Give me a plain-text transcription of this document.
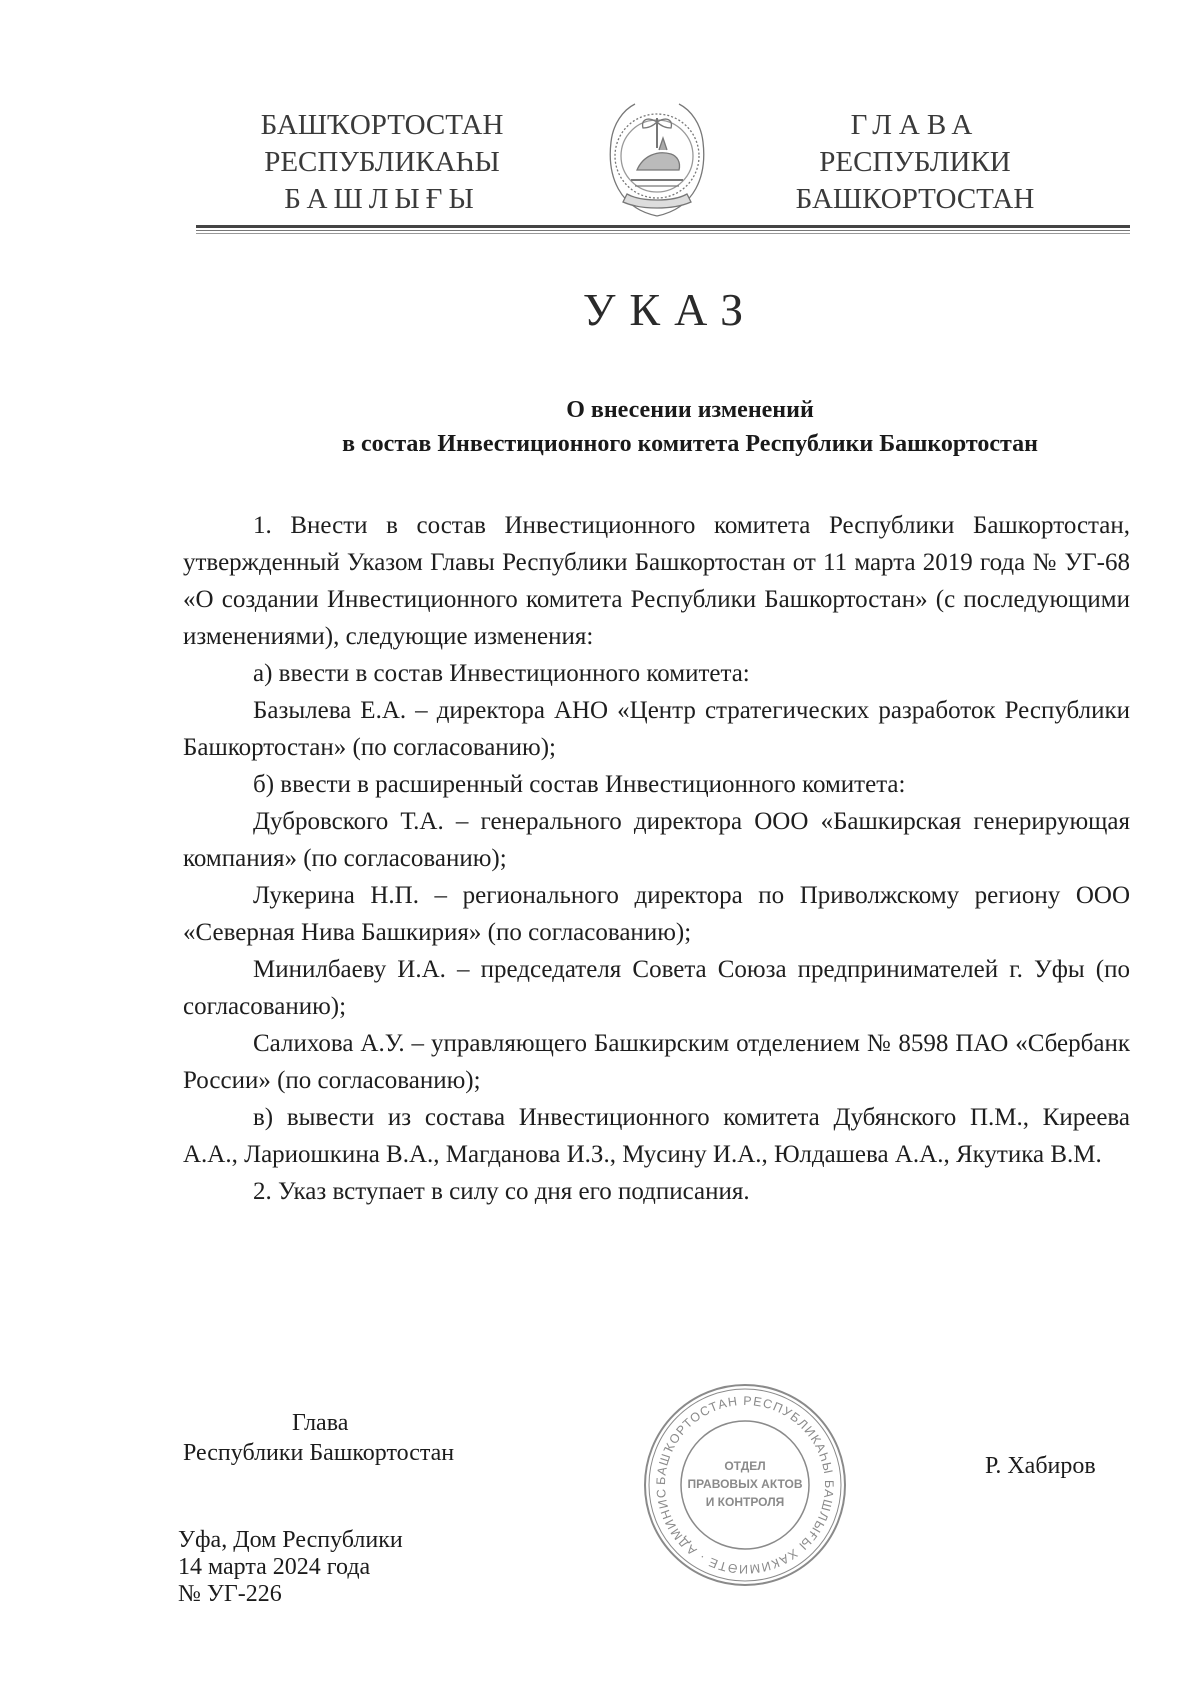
БАШҠОРТОСТАН
РЕСПУБЛИКАҺЫ
БАШЛЫҒЫ
ГЛАВА
РЕСПУБЛИКИ
БАШКОРТОСТАН
УКАЗ
О внесении изменений
в состав Инвестиционного комитета Республики Башкортостан

1. Внести в состав Инвестиционного комитета Республики Башкортостан, утвержденный Указом Главы Республики Башкортостан от 11 марта 2019 года № УГ-68 «О создании Инвестиционного комитета Республики Башкортостан» (с последующими изменениями), следующие изменения:

а) ввести в состав Инвестиционного комитета:

Базылева Е.А. – директора АНО «Центр стратегических разработок Республики Башкортостан» (по согласованию);

б) ввести в расширенный состав Инвестиционного комитета:

Дубровского Т.А. – генерального директора ООО «Башкирская генерирующая компания» (по согласованию);

Лукерина Н.П. – регионального директора по Приволжскому региону ООО «Северная Нива Башкирия» (по согласованию);

Минилбаеву И.А. – председателя Совета Союза предпринимателей г. Уфы (по согласованию);

Салихова А.У. – управляющего Башкирским отделением № 8598 ПАО «Сбербанк России» (по согласованию);

в) вывести из состава Инвестиционного комитета Дубянского П.М., Киреева А.А., Лариошкина В.А., Магданова И.З., Мусину И.А., Юлдашева А.А., Якутика В.М.

2. Указ вступает в силу со дня его подписания.

Глава
Республики Башкортостан
БАШҠОРТОСТАН РЕСПУБЛИКАҺЫ БАШЛЫҒЫ ХАКИМИӘТЕ · АДМИНИС
ОТДЕЛ
ПРАВОВЫХ АКТОВ
И КОНТРОЛЯ
Р. Хабиров
Уфа, Дом Республики
14 марта 2024 года
№ УГ-226
